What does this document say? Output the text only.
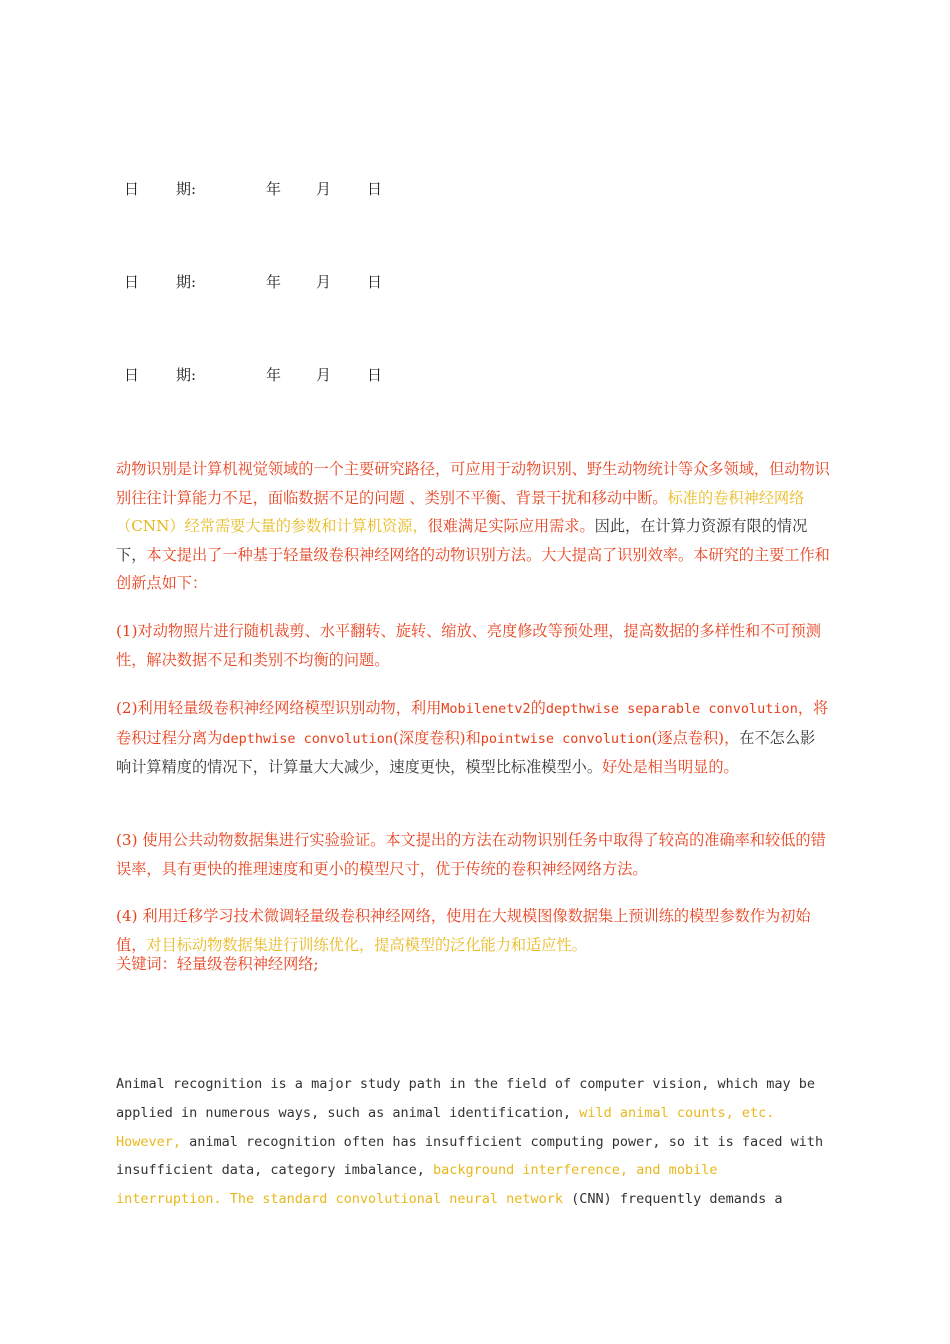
日 期:	年 月 日
日 期:	年 月 日
日 期:	年 月 日

动物识别是计算机视觉领域的一个主要研究路径，可应用于动物识别、野生动物统计等众多领域，但动物识别往往计算能力不足，面临数据不足的问题 、类别不平衡、背景干扰和移动中断。标准的卷积神经网络（CNN）经常需要大量的参数和计算机资源，很难满足实际应用需求。因此，在计算力资源有限的情况下，本文提出了一种基于轻量级卷积神经网络的动物识别方法。大大提高了识别效率。本研究的主要工作和创新点如下：

(1)对动物照片进行随机裁剪、水平翻转、旋转、缩放、亮度修改等预处理，提高数据的多样性和不可预测性，解决数据不足和类别不均衡的问题。

(2)利用轻量级卷积神经网络模型识别动物，利用Mobilenetv2的depthwise separable convolution，将卷积过程分离为depthwise convolution(深度卷积)和pointwise convolution(逐点卷积)，在不怎么影响计算精度的情况下，计算量大大减少，速度更快，模型比标准模型小。好处是相当明显的。

(3) 使用公共动物数据集进行实验验证。本文提出的方法在动物识别任务中取得了较高的准确率和较低的错误率，具有更快的推理速度和更小的模型尺寸，优于传统的卷积神经网络方法。

(4) 利用迁移学习技术微调轻量级卷积神经网络，使用在大规模图像数据集上预训练的模型参数作为初始值，对目标动物数据集进行训练优化，提高模型的泛化能力和适应性。

关键词：轻量级卷积神经网络;

Animal recognition is a major study path in the field of computer vision, which may be applied in numerous ways, such as animal identification, wild animal counts, etc. However, animal recognition often has insufficient computing power, so it is faced with insufficient data, category imbalance, background interference, and mobile interruption. The standard convolutional neural network (CNN) frequently demands a
